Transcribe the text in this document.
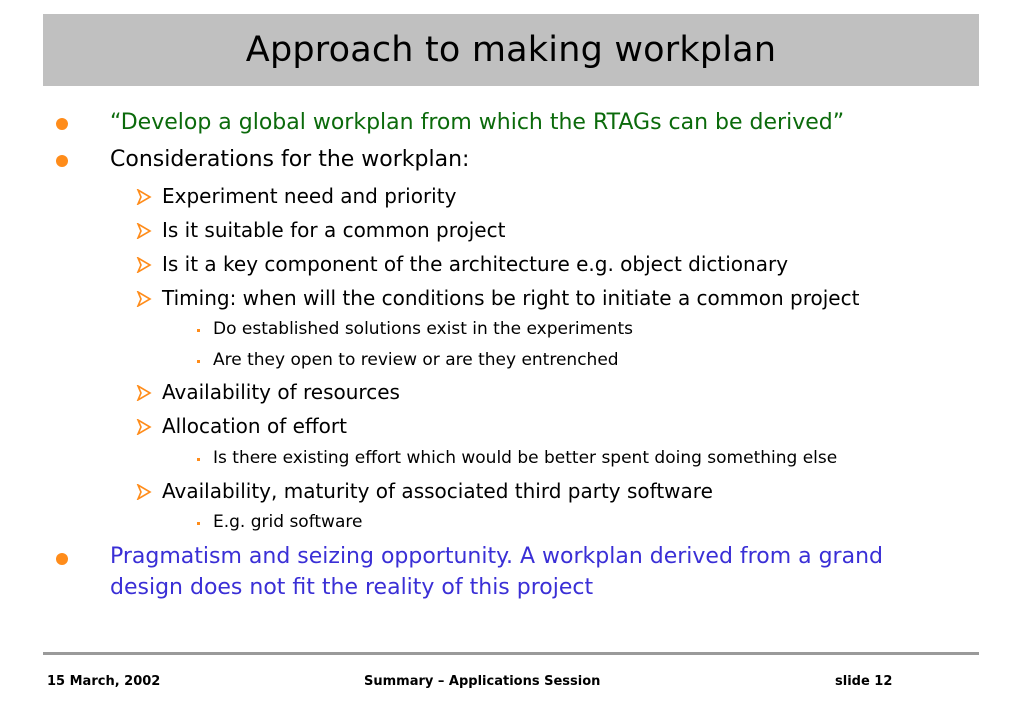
Approach to making workplan
“Develop a global workplan from which the RTAGs can be derived”
Considerations for the workplan:
Experiment need and priority
Is it suitable for a common project
Is it a key component of the architecture e.g. object dictionary
Timing: when will the conditions be right to initiate a common project
Do established solutions exist in the experiments
Are they open to review or are they entrenched
Availability of resources
Allocation of effort
Is there existing effort which would be better spent doing something else
Availability, maturity of associated third party software
E.g. grid software
Pragmatism and seizing opportunity. A workplan derived from a grand
design does not fit the reality of this project
15 March, 2002	Summary – Applications Session	slide 12
